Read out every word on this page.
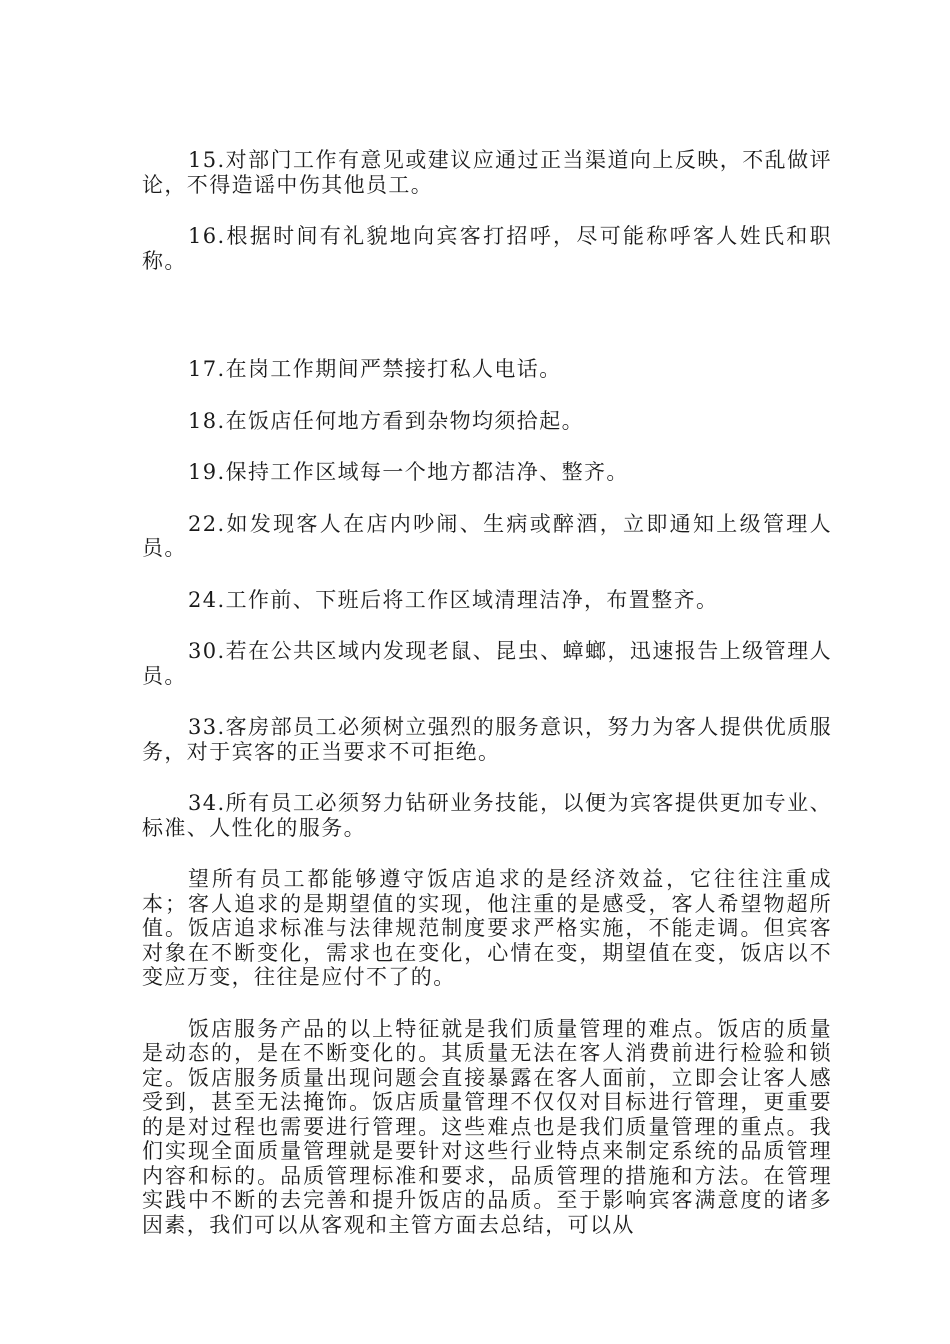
15.对部门工作有意见或建议应通过正当渠道向上反映，不乱做评论，不得造谣中伤其他员工。

16.根据时间有礼貌地向宾客打招呼，尽可能称呼客人姓氏和职称。

17.在岗工作期间严禁接打私人电话。

18.在饭店任何地方看到杂物均须拾起。

19.保持工作区域每一个地方都洁净、整齐。

22.如发现客人在店内吵闹、生病或醉酒，立即通知上级管理人员。

24.工作前、下班后将工作区域清理洁净，布置整齐。

30.若在公共区域内发现老鼠、昆虫、蟑螂，迅速报告上级管理人员。

33.客房部员工必须树立强烈的服务意识，努力为客人提供优质服务，对于宾客的正当要求不可拒绝。

34.所有员工必须努力钻研业务技能，以便为宾客提供更加专业、标准、人性化的服务。

望所有员工都能够遵守饭店追求的是经济效益，它往往注重成本；客人追求的是期望值的实现，他注重的是感受，客人希望物超所值。饭店追求标准与法律规范制度要求严格实施，不能走调。但宾客对象在不断变化，需求也在变化，心情在变，期望值在变，饭店以不变应万变，往往是应付不了的。

饭店服务产品的以上特征就是我们质量管理的难点。饭店的质量是动态的，是在不断变化的。其质量无法在客人消费前进行检验和锁定。饭店服务质量出现问题会直接暴露在客人面前，立即会让客人感受到，甚至无法掩饰。饭店质量管理不仅仅对目标进行管理，更重要的是对过程也需要进行管理。这些难点也是我们质量管理的重点。我们实现全面质量管理就是要针对这些行业特点来制定系统的品质管理内容和标的。品质管理标准和要求，品质管理的措施和方法。在管理实践中不断的去完善和提升饭店的品质。至于影响宾客满意度的诸多因素，我们可以从客观和主管方面去总结，可以从
